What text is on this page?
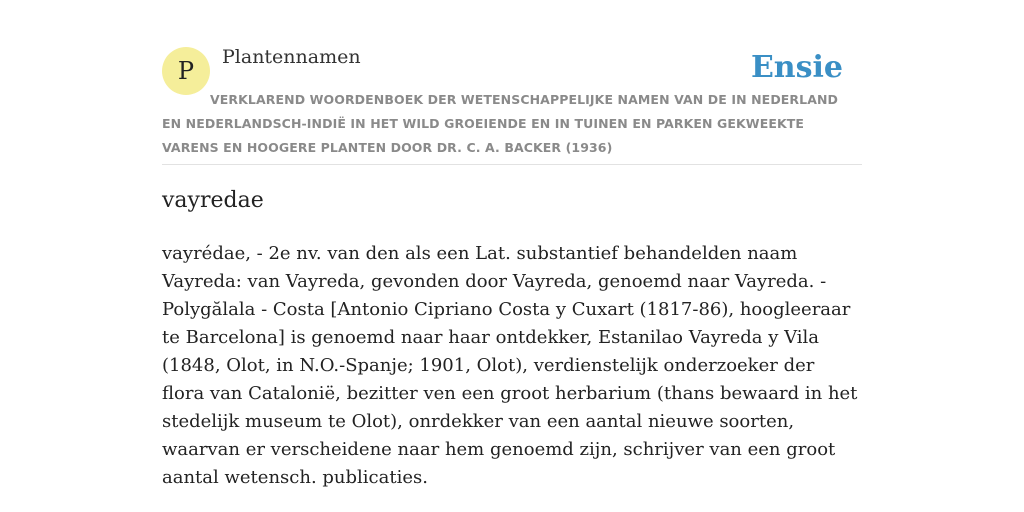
P Plantennamen	Ensie
VERKLAREND WOORDENBOEK DER WETENSCHAPPELIJKE NAMEN VAN DE IN NEDERLAND EN NEDERLANDSCH-INDIË IN HET WILD GROEIENDE EN IN TUINEN EN PARKEN GEKWEEKTE VARENS EN HOOGERE PLANTEN DOOR DR. C. A. BACKER (1936)
vayredae

vayrédae, - 2e nv. van den als een Lat. substantief behandelden naam Vayreda: van Vayreda, gevonden door Vayreda, genoemd naar Vayreda. - Polygălala - Costa [Antonio Cipriano Costa y Cuxart (1817-86), hoogleeraar te Barcelona] is genoemd naar haar ontdekker, Estanilao Vayreda y Vila (1848, Olot, in N.O.-Spanje; 1901, Olot), verdienstelijk onderzoeker der flora van Catalonië, bezitter ven een groot herbarium (thans bewaard in het stedelijk museum te Olot), onrdekker van een aantal nieuwe soorten, waarvan er verscheidene naar hem genoemd zijn, schrijver van een groot aantal wetensch. publicaties.
